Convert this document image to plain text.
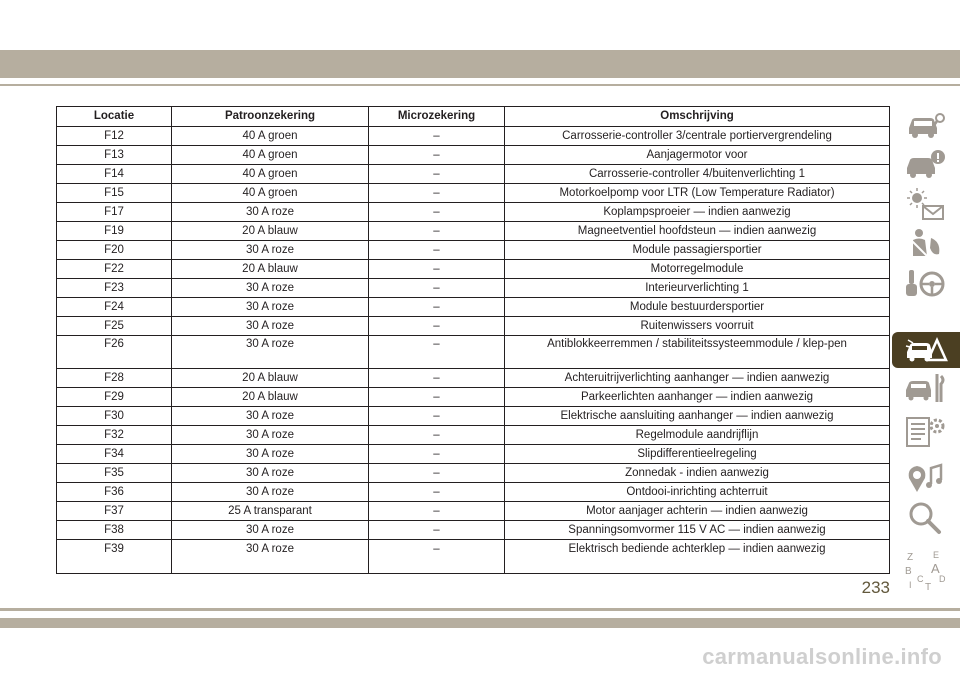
Locatie	Patroonzekering	Microzekering	Omschrijving
F12	40 A groen	–	Carrosserie-controller 3/centrale portiervergrendeling
F13	40 A groen	–	Aanjagermotor voor
F14	40 A groen	–	Carrosserie-controller 4/buitenverlichting 1
F15	40 A groen	–	Motorkoelpomp voor LTR (Low Temperature Radiator)
F17	30 A roze	–	Koplampsproeier — indien aanwezig
F19	20 A blauw	–	Magneetventiel hoofdsteun — indien aanwezig
F20	30 A roze	–	Module passagiersportier
F22	20 A blauw	–	Motorregelmodule
F23	30 A roze	–	Interieurverlichting 1
F24	30 A roze	–	Module bestuurdersportier
F25	30 A roze	–	Ruitenwissers voorruit
F26	30 A roze	–	Antiblokkeerremmen / stabiliteitssysteemmodule / klep-pen
F28	20 A blauw	–	Achteruitrijverlichting aanhanger — indien aanwezig
F29	20 A blauw	–	Parkeerlichten aanhanger — indien aanwezig
F30	30 A roze	–	Elektrische aansluiting aanhanger — indien aanwezig
F32	30 A roze	–	Regelmodule aandrijflijn
F34	30 A roze	–	Slipdifferentieelregeling
F35	30 A roze	–	Zonnedak - indien aanwezig
F36	30 A roze	–	Ontdooi-inrichting achterruit
F37	25 A transparant	–	Motor aanjager achterin — indien aanwezig
F38	30 A roze	–	Spanningsomvormer 115 V AC — indien aanwezig
F39	30 A roze	–	Elektrisch bediende achterklep — indien aanwezig
Z E
B A
C D
I T
233
carmanualsonline.info
